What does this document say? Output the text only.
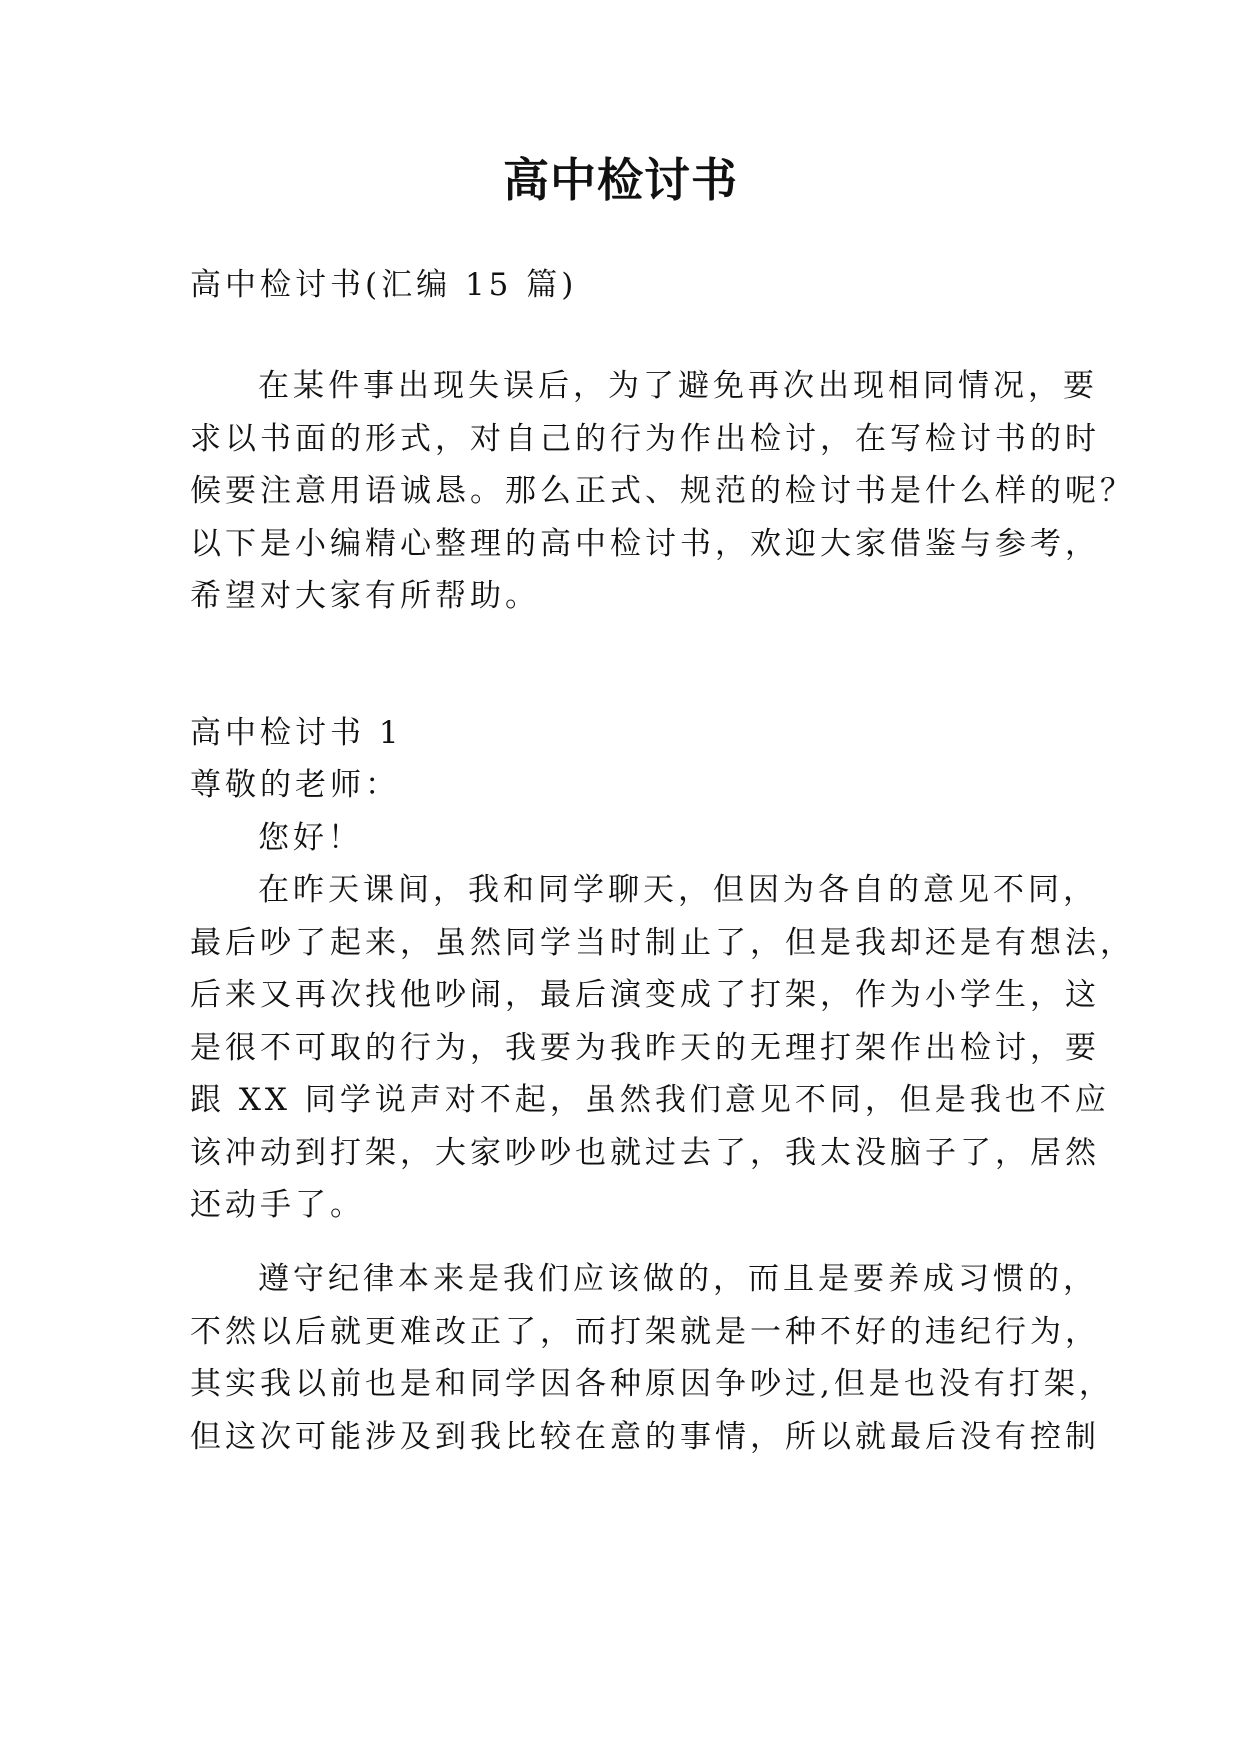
高中检讨书
高中检讨书(汇编 15 篇)
在某件事出现失误后，为了避免再次出现相同情况，要
求以书面的形式，对自己的行为作出检讨，在写检讨书的时
候要注意用语诚恳。那么正式、规范的检讨书是什么样的呢？
以下是小编精心整理的高中检讨书，欢迎大家借鉴与参考，
希望对大家有所帮助。
高中检讨书 1
尊敬的老师：
您好！
在昨天课间，我和同学聊天，但因为各自的意见不同，
最后吵了起来，虽然同学当时制止了，但是我却还是有想法，
后来又再次找他吵闹，最后演变成了打架，作为小学生，这
是很不可取的行为，我要为我昨天的无理打架作出检讨，要
跟 XX 同学说声对不起，虽然我们意见不同，但是我也不应
该冲动到打架，大家吵吵也就过去了，我太没脑子了，居然
还动手了。
遵守纪律本来是我们应该做的，而且是要养成习惯的，
不然以后就更难改正了，而打架就是一种不好的违纪行为，
其实我以前也是和同学因各种原因争吵过,但是也没有打架，
但这次可能涉及到我比较在意的事情，所以就最后没有控制
